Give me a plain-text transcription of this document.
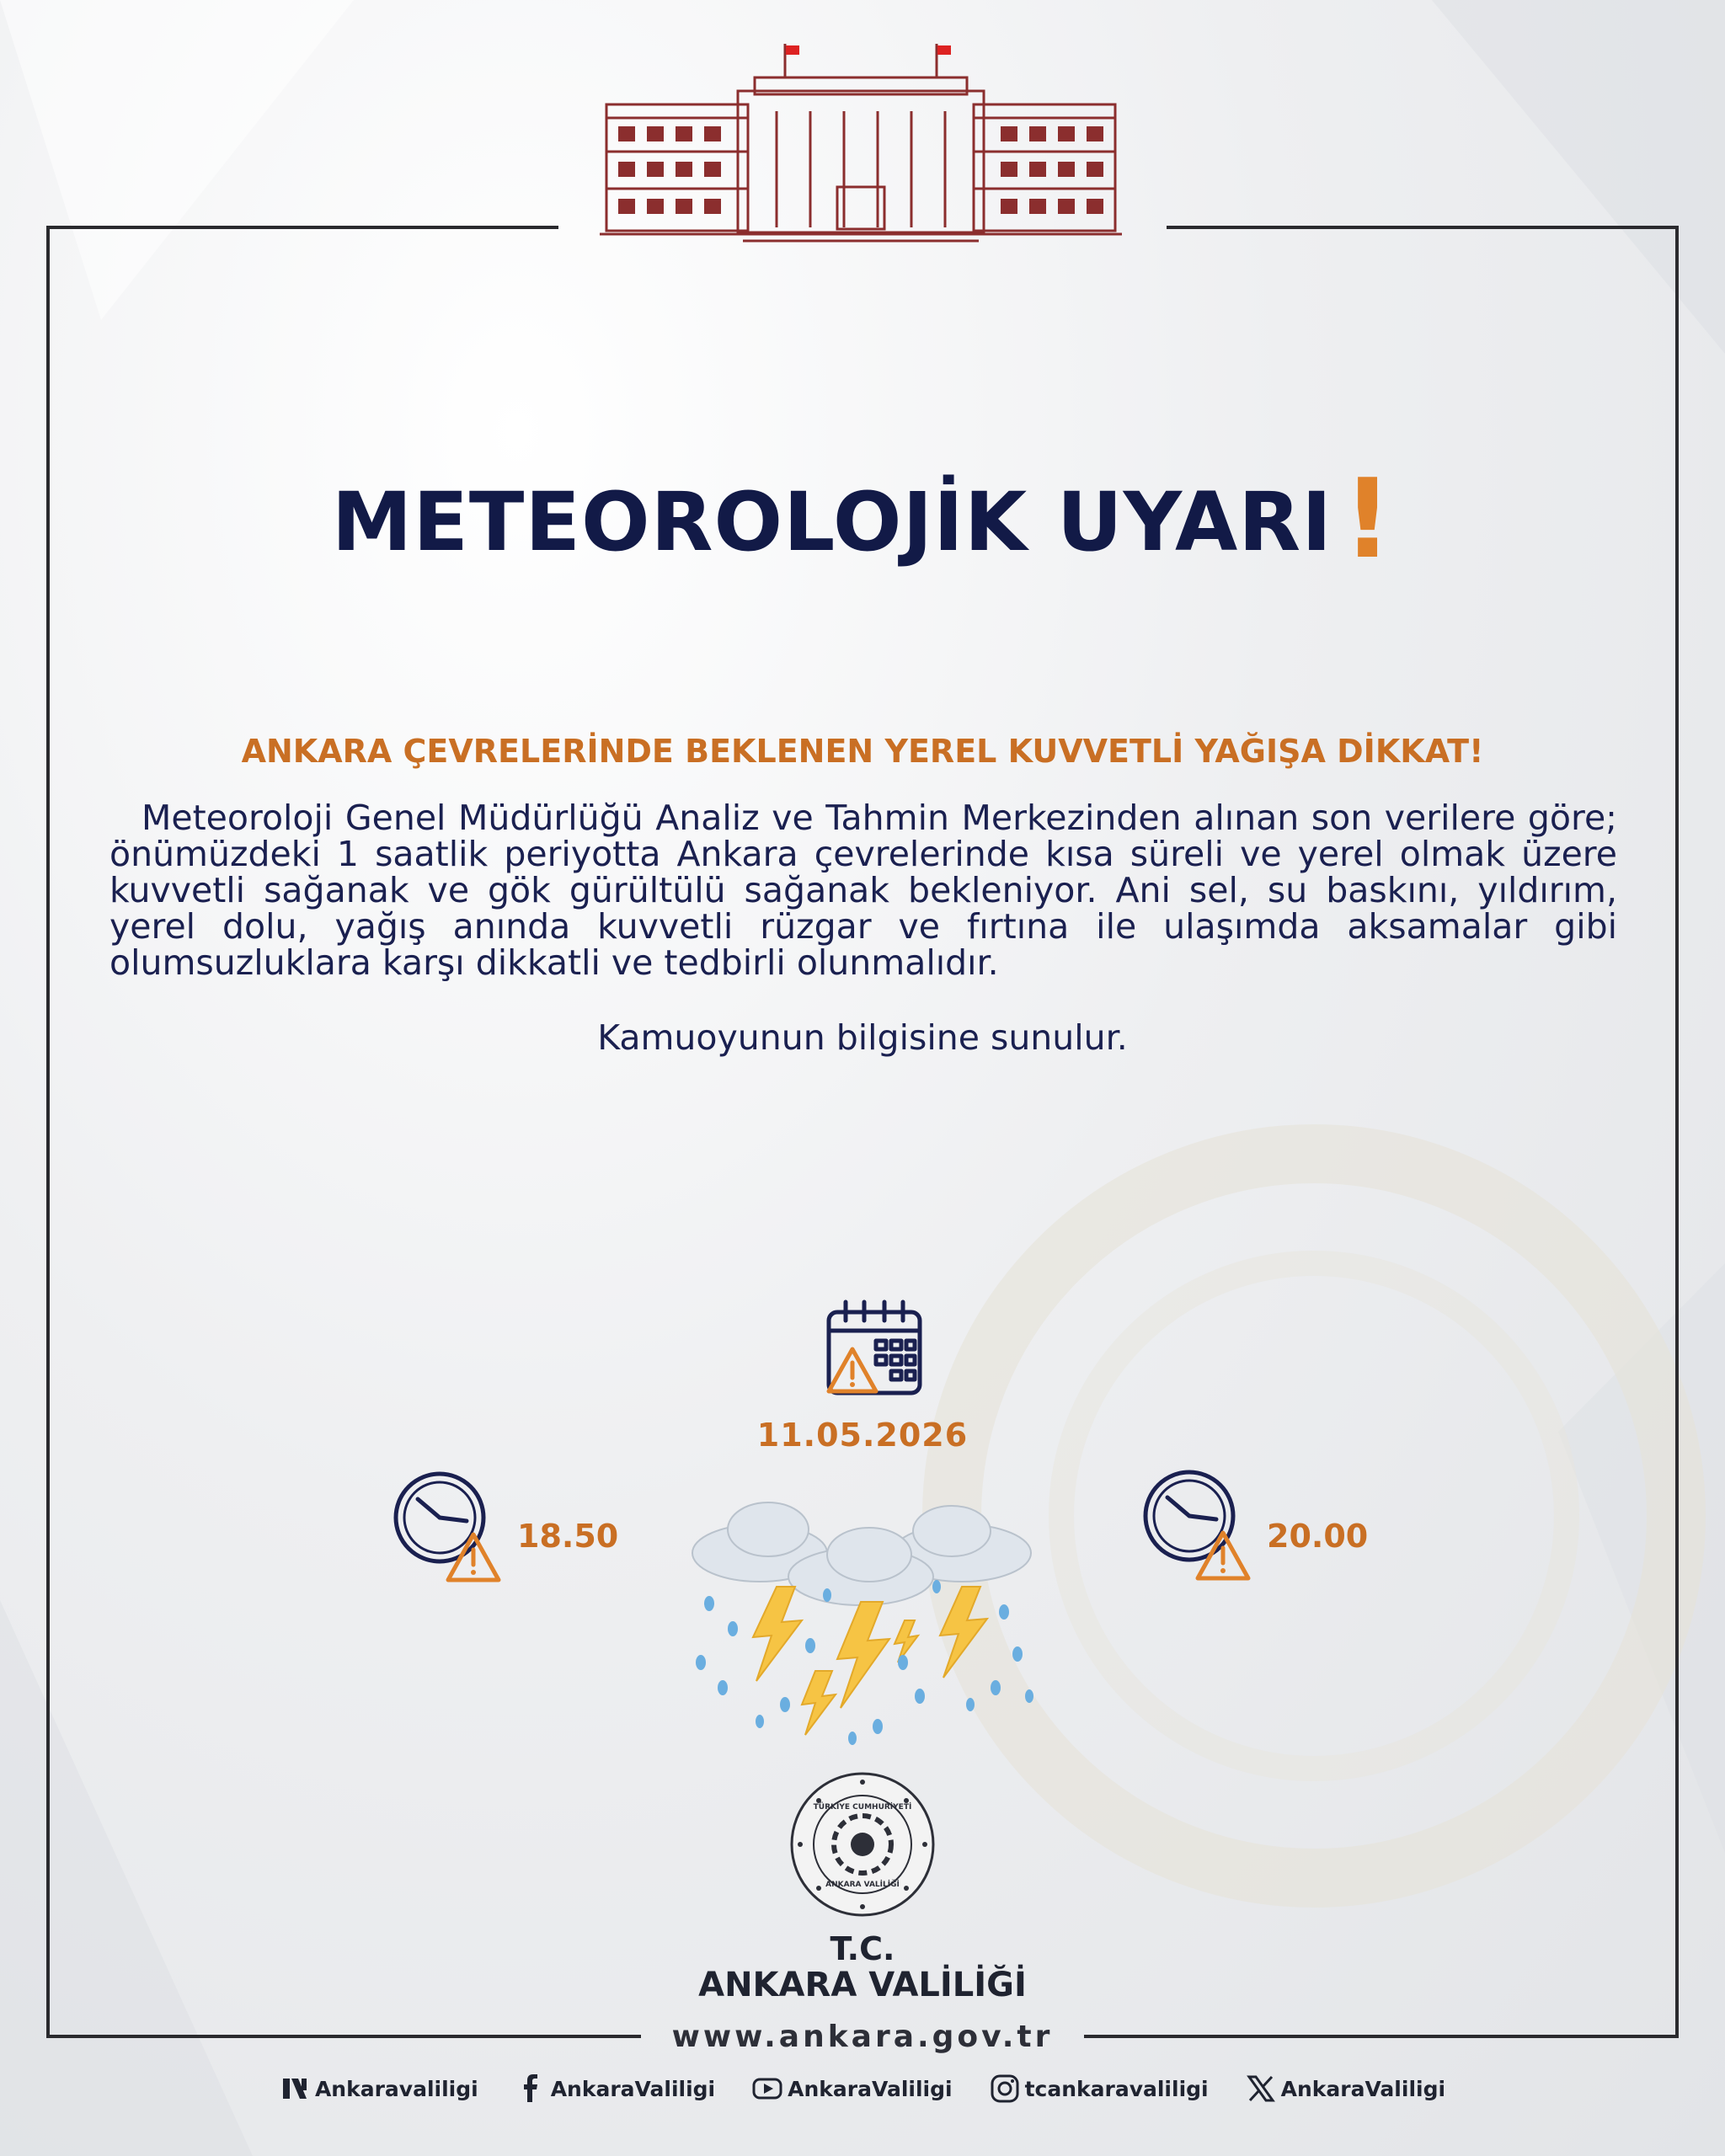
METEOROLOJİK UYARI!
ANKARA ÇEVRELERİNDE BEKLENEN YEREL KUVVETLİ YAĞIŞA DİKKAT!
Meteoroloji Genel Müdürlüğü Analiz ve Tahmin Merkezinden alınan son verilere göre; önümüzdeki 1 saatlik periyotta Ankara çevrelerinde kısa süreli ve yerel olmak üzere kuvvetli sağanak ve gök gürültülü sağanak bekleniyor. Ani sel, su baskını, yıldırım, yerel dolu, yağış anında kuvvetli rüzgar ve fırtına ile ulaşımda aksamalar gibi olumsuzluklara karşı dikkatli ve tedbirli olunmalıdır.
Kamuoyunun bilgisine sunulur.
11.05.2026
18.50	20.00
TÜRKİYE CUMHURİYETİ
ANKARA VALİLİĞİ
T.C.
ANKARA VALİLİĞİ
www.ankara.gov.tr
Ankaravaliligi	AnkaraValiligi	AnkaraValiligi	tcankaravaliligi	AnkaraValiligi
